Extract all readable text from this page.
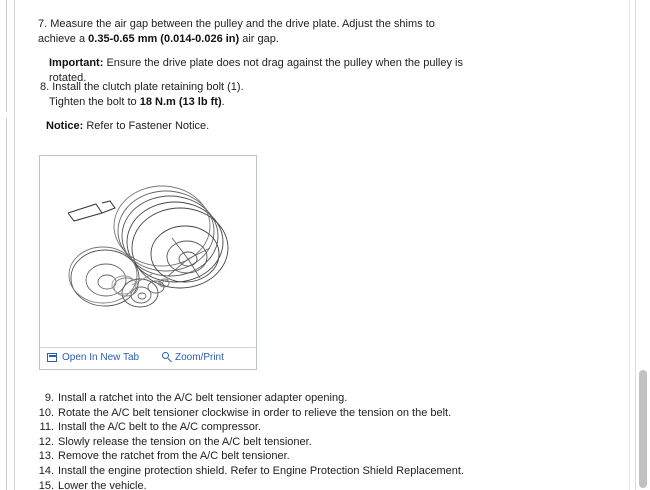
7. Measure the air gap between the pulley and the drive plate. Adjust the shims to achieve a 0.35-0.65 mm (0.014-0.026 in) air gap.
Important: Ensure the drive plate does not drag against the pulley when the pulley is rotated.
8. Install the clutch plate retaining bolt (1).
Tighten the bolt to 18 N.m (13 lb ft).
Notice: Refer to Fastener Notice.
Open In New Tab	Zoom/Print
9. Install a ratchet into the A/C belt tensioner adapter opening.
10. Rotate the A/C belt tensioner clockwise in order to relieve the tension on the belt.
11. Install the A/C belt to the A/C compressor.
12. Slowly release the tension on the A/C belt tensioner.
13. Remove the ratchet from the A/C belt tensioner.
14. Install the engine protection shield. Refer to Engine Protection Shield Replacement.
15. Lower the vehicle.
